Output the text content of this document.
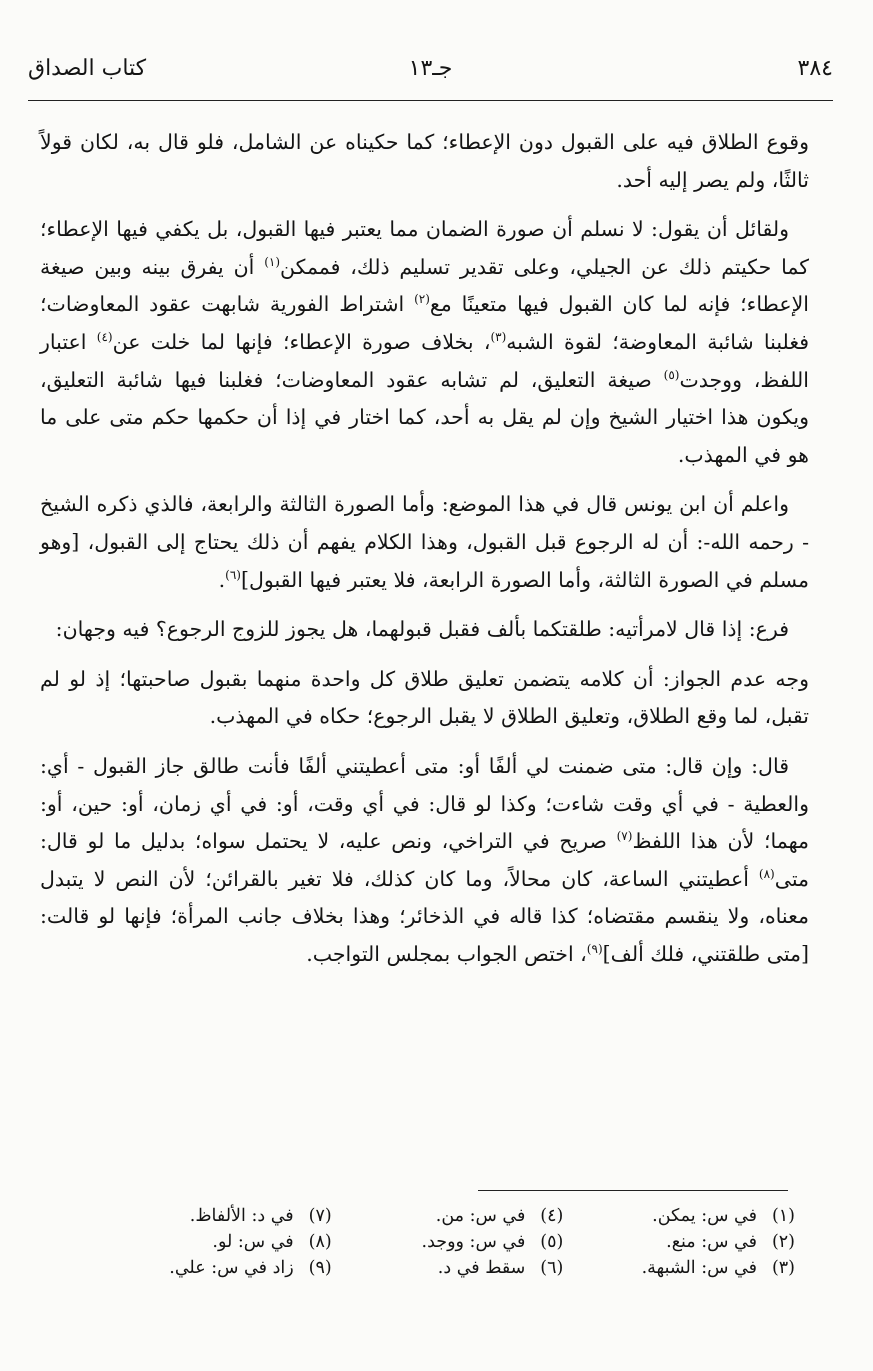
٣٨٤
جـ١٣
كتاب الصداق

وقوع الطلاق فيه على القبول دون الإعطاء؛ كما حكيناه عن الشامل، فلو قال به، لكان قولاً ثالثًا، ولم يصر إليه أحد.

ولقائل أن يقول: لا نسلم أن صورة الضمان مما يعتبر فيها القبول، بل يكفي فيها الإعطاء؛ كما حكيتم ذلك عن الجيلي، وعلى تقدير تسليم ذلك، فممكن$^{(١)}$ أن يفرق بينه وبين صيغة الإعطاء؛ فإنه لما كان القبول فيها متعينًا مع$^{(٢)}$ اشتراط الفورية شابهت عقود المعاوضات؛ فغلبنا شائبة المعاوضة؛ لقوة الشبه$^{(٣)}$، بخلاف صورة الإعطاء؛ فإنها لما خلت عن$^{(٤)}$ اعتبار اللفظ، ووجدت$^{(٥)}$ صيغة التعليق، لم تشابه عقود المعاوضات؛ فغلبنا فيها شائبة التعليق، ويكون هذا اختيار الشيخ وإن لم يقل به أحد، كما اختار في إذا أن حكمها حكم متى على ما هو في المهذب.

واعلم أن ابن يونس قال في هذا الموضع: وأما الصورة الثالثة والرابعة، فالذي ذكره الشيخ - رحمه الله-: أن له الرجوع قبل القبول، وهذا الكلام يفهم أن ذلك يحتاج إلى القبول، [وهو مسلم في الصورة الثالثة، وأما الصورة الرابعة، فلا يعتبر فيها القبول]$^{(٦)}$.

فرع: إذا قال لامرأتيه: طلقتكما بألف فقبل قبولهما، هل يجوز للزوج الرجوع؟ فيه وجهان:

وجه عدم الجواز: أن كلامه يتضمن تعليق طلاق كل واحدة منهما بقبول صاحبتها؛ إذ لو لم تقبل، لما وقع الطلاق، وتعليق الطلاق لا يقبل الرجوع؛ حكاه في المهذب.

قال: وإن قال: متى ضمنت لي ألفًا أو: متى أعطيتني ألفًا فأنت طالق جاز القبول - أي: والعطية - في أي وقت شاءت؛ وكذا لو قال: في أي وقت، أو: في أي زمان، أو: حين، أو: مهما؛ لأن هذا اللفظ$^{(٧)}$ صريح في التراخي، ونص عليه، لا يحتمل سواه؛ بدليل ما لو قال: متى$^{(٨)}$ أعطيتني الساعة، كان محالاً، وما كان كذلك، فلا تغير بالقرائن؛ لأن النص لا يتبدل معناه، ولا ينقسم مقتضاه؛ كذا قاله في الذخائر؛ وهذا بخلاف جانب المرأة؛ فإنها لو قالت: [متى طلقتني، فلك ألف]$^{(٩)}$، اختص الجواب بمجلس التواجب.

(١)في س: يمكن.
(٢)في س: منع.
(٣)في س: الشبهة.
(٤)في س: من.
(٥)في س: ووجد.
(٦)سقط في د.
(٧)في د: الألفاظ.
(٨)في س: لو.
(٩)زاد في س: علي.
